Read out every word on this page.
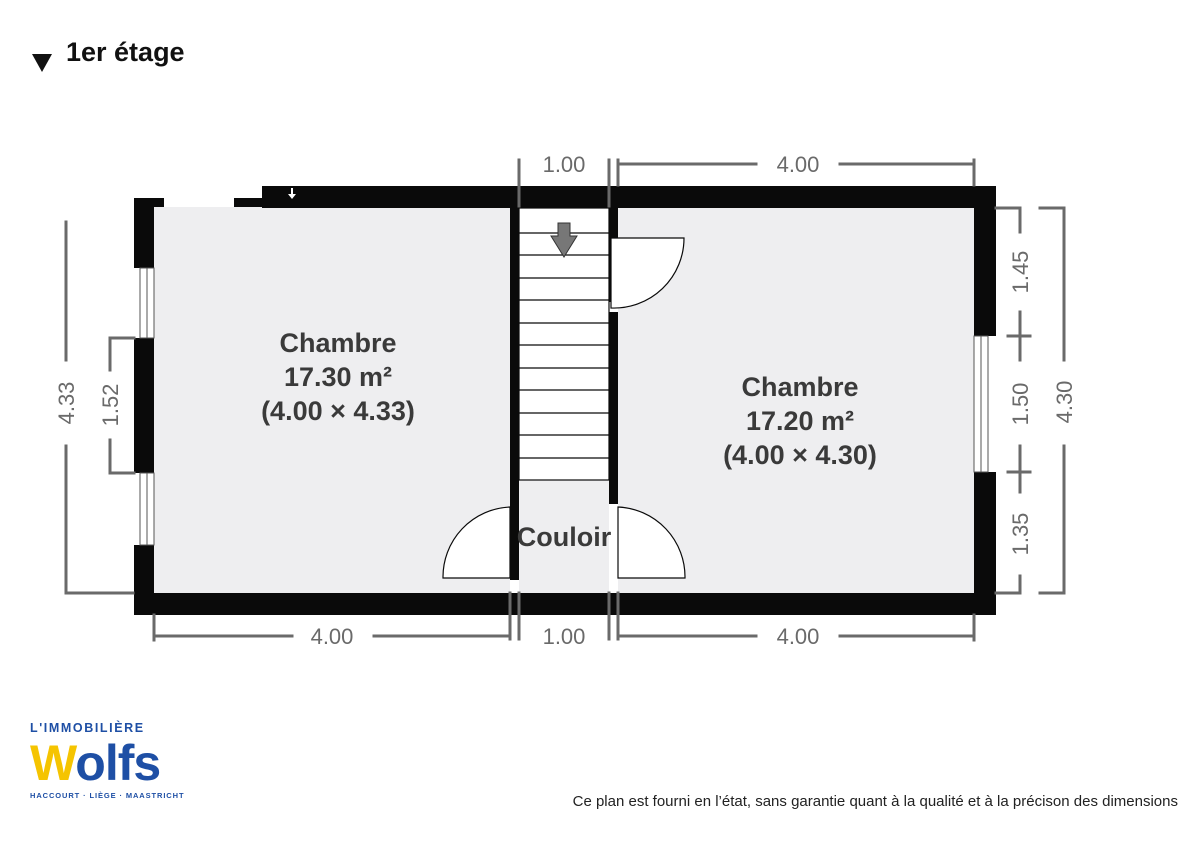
1er étage
Chambre
17.30 m²
(4.00 × 4.33)
Chambre
17.20 m²
(4.00 × 4.30)
Couloir
1.00	4.00
4.00	1.00	4.00
4.33 1.52
1.45
1.50
1.35
4.30
L'IMMOBILIÈRE
Wolfs
HACCOURT · LIÈGE · MAASTRICHT	Ce plan est fourni en l’état, sans garantie quant à la qualité et à la précison des dimensions
